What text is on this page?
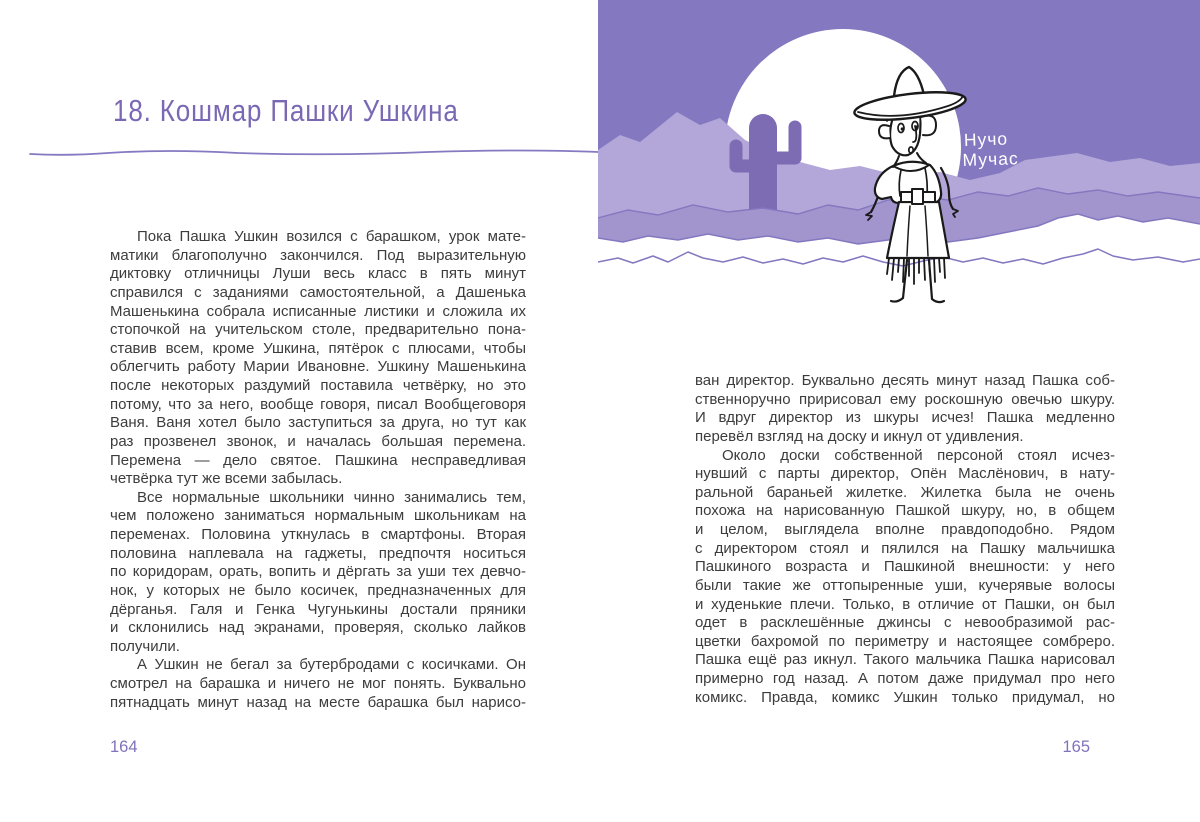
18. Кошмар Пашки Ушкина
Пока Пашка Ушкин возился с барашком, урок мате-
матики благополучно закончился. Под выразительную
диктовку отличницы Луши весь класс в пять минут
справился с заданиями самостоятельной, а Дашенька
Машенькина собрала исписанные листики и сложила их
стопочкой на учительском столе, предварительно пона-
ставив всем, кроме Ушкина, пятёрок с плюсами, чтобы
облегчить работу Марии Ивановне. Ушкину Машенькина
после некоторых раздумий поставила четвёрку, но это
потому, что за него, вообще говоря, писал Вообщеговоря
Ваня. Ваня хотел было заступиться за друга, но тут как
раз прозвенел звонок, и началась большая перемена.
Перемена — дело святое. Пашкина несправедливая
четвёрка тут же всеми забылась.
Все нормальные школьники чинно занимались тем,
чем положено заниматься нормальным школьникам на
переменах. Половина уткнулась в смартфоны. Вторая
половина наплевала на гаджеты, предпочтя носиться
по коридорам, орать, вопить и дёргать за уши тех девчо-
нок, у которых не было косичек, предназначенных для
дёрганья. Галя и Генка Чугунькины достали пряники
и склонились над экранами, проверяя, сколько лайков
получили.
А Ушкин не бегал за бутербродами с косичками. Он
смотрел на барашка и ничего не мог понять. Буквально
пятнадцать минут назад на месте барашка был нарисо-
164
Нучо
Мучас
ван директор. Буквально десять минут назад Пашка соб-
ственноручно пририсовал ему роскошную овечью шкуру.
И вдруг директор из шкуры исчез! Пашка медленно
перевёл взгляд на доску и икнул от удивления.
Около доски собственной персоной стоял исчез-
нувший с парты директор, Опён Маслёнович, в нату-
ральной бараньей жилетке. Жилетка была не очень
похожа на нарисованную Пашкой шкуру, но, в общем
и целом, выглядела вполне правдоподобно. Рядом
с директором стоял и пялился на Пашку мальчишка
Пашкиного возраста и Пашкиной внешности: у него
были такие же оттопыренные уши, кучерявые волосы
и худенькие плечи. Только, в отличие от Пашки, он был
одет в расклешённые джинсы с невообразимой рас-
цветки бахромой по периметру и настоящее сомбреро.
Пашка ещё раз икнул. Такого мальчика Пашка нарисовал
примерно год назад. А потом даже придумал про него
комикс. Правда, комикс Ушкин только придумал, но
165
